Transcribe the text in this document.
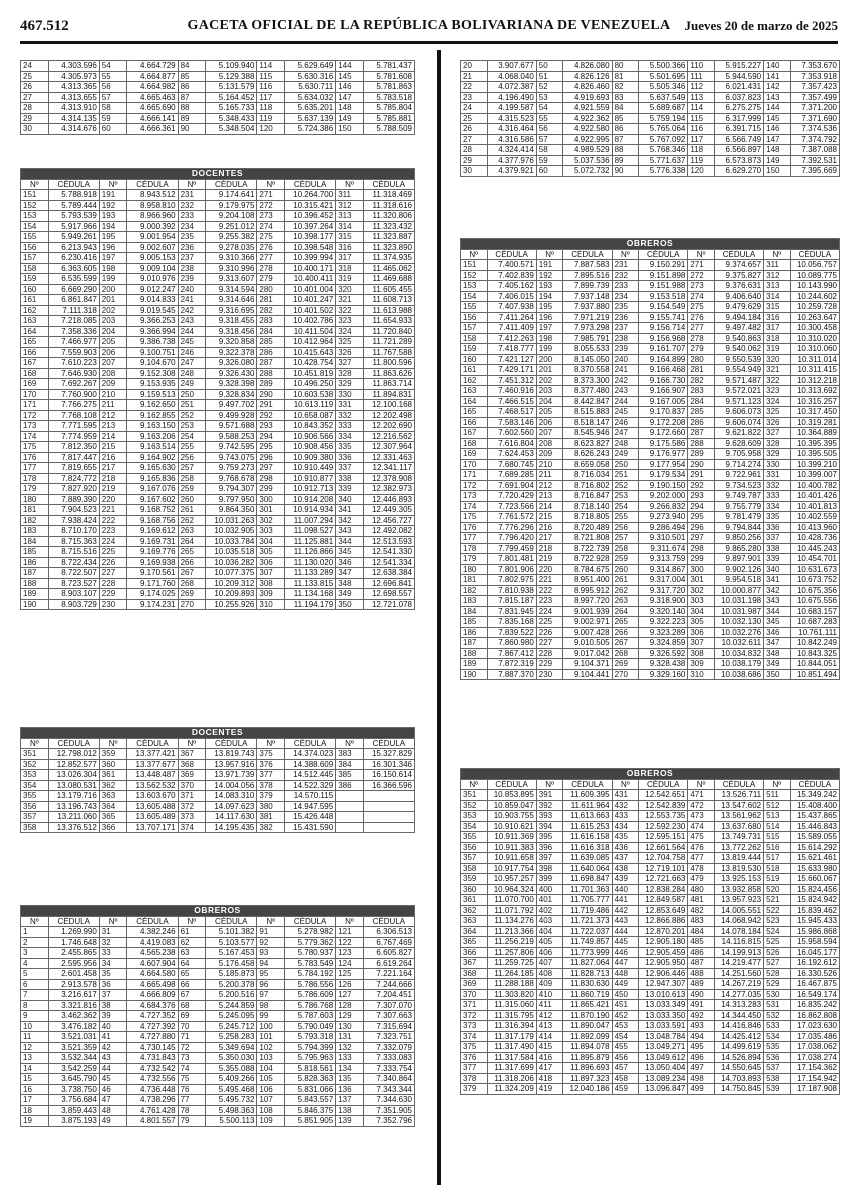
467.512	GACETA OFICIAL DE LA REPÚBLICA BOLIVARIANA DE VENEZUELA	Jueves 20 de marzo de 2025
24	4.303.596	54	4.664.729	84	5.109.940	114	5.629.649	144	5.781.437
25	4.305.973	55	4.664.877	85	5.129.388	115	5.630.316	145	5.781.608
26	4.313.365	56	4.664.982	86	5.131.579	116	5.630.711	146	5.781.863
27	4.313.655	57	4.665.463	87	5.164.452	117	5.634.032	147	5.783.518
28	4.313.910	58	4.665.690	88	5.165.733	118	5.635.201	148	5.785.804
29	4.314.135	59	4.666.141	89	5.348.433	119	5.637.139	149	5.785.881
30	4.314.676	60	4.666.361	90	5.348.504	120	5.724.386	150	5.788.509
DOCENTES									
Nº	CÉDULA	Nº	CÉDULA	Nº	CÉDULA	Nº	CÉDULA	Nº	CÉDULA
151	5.788.918	191	8.943.512	231	9.174.641	271	10.264.700	311	11.318.469
152	5.789.444	192	8.958.810	232	9.179.975	272	10.315.421	312	11.318.616
153	5.793.539	193	8.966.960	233	9.204.108	273	10.396.452	313	11.320.806
154	5.917.966	194	9.000.392	234	9.251.012	274	10.397.264	314	11.323.432
155	5.949.261	195	9.001.954	235	9.255.382	275	10.398.177	315	11.323.887
156	6.213.943	196	9.002.607	236	9.278.035	276	10.398.548	316	11.323.890
157	6.230.416	197	9.005.153	237	9.310.366	277	10.399.994	317	11.374.935
158	6.363.605	198	9.009.104	238	9.310.996	278	10.400.171	318	11.465.062
159	6.535.599	199	9.010.976	239	9.313.607	279	10.400.411	319	11.469.688
160	6.669.290	200	9.012.247	240	9.314.594	280	10.401.004	320	11.605.455
161	6.861.847	201	9.014.833	241	9.314.646	281	10.401.247	321	11.608.713
162	7.111.318	202	9.019.545	242	9.316.695	282	10.401.502	322	11.613.988
163	7.218.085	203	9.366.253	243	9.318.455	283	10.402.786	323	11.654.933
164	7.358.336	204	9.366.994	244	9.318.456	284	10.411.504	324	11.720.840
165	7.466.977	205	9.386.738	245	9.320.858	285	10.412.964	325	11.721.289
166	7.559.903	206	9.100.751	246	9.322.378	286	10.415.643	326	11.767.588
167	7.610.223	207	9.104.670	247	9.326.080	287	10.428.754	327	11.800.596
168	7.646.930	208	9.152.308	248	9.326.430	288	10.451.819	328	11.863.626
169	7.692.267	209	9.153.935	249	9.328.398	289	10.496.250	329	11.863.714
170	7.760.900	210	9.159.513	250	9.328.834	290	10.603.538	330	11.894.831
171	7.766.275	211	9.162.650	251	9.497.702	291	10.613.119	331	12.100.168
172	7.768.108	212	9.162.855	252	9.499.928	292	10.658.087	332	12.202.498
173	7.771.595	213	9.163.150	253	9.571.688	293	10.843.352	333	12.202.690
174	7.774.959	214	9.163.206	254	9.588.253	294	10.906.566	334	12.216.562
175	7.812.350	215	9.163.514	255	9.742.595	295	10.908.456	335	12.307.964
176	7.817.447	216	9.164.902	256	9.743.075	296	10.909.380	336	12.331.463
177	7.819.655	217	9.165.630	257	9.759.273	297	10.910.449	337	12.341.117
178	7.824.772	218	9.165.836	258	9.768.678	298	10.910.877	338	12.378.908
179	7.827.920	219	9.167.076	259	9.794.307	299	10.912.713	339	12.382.973
180	7.889.390	220	9.167.602	260	9.797.950	300	10.914.208	340	12.446.893
181	7.904.523	221	9.168.752	261	9.864.350	301	10.914.934	341	12.449.305
182	7.938.424	222	9.168.756	262	10.031.263	302	11.007.294	342	12.456.727
183	8.710.170	223	9.169.612	263	10.032.905	303	11.098.527	343	12.492.082
184	8.715.363	224	9.169.731	264	10.033.784	304	11.125.881	344	12.513.593
185	8.715.516	225	9.169.776	265	10.035.518	305	11.126.866	345	12.541.330
186	8.722.434	226	9.169.938	266	10.036.282	306	11.130.020	346	12.541.334
187	8.722.507	227	9.170.561	267	10.077.375	307	11.133.289	347	12.638.384
188	8.723.527	228	9.171.760	268	10.209.312	308	11.133.815	348	12.696.841
189	8.903.107	229	9.174.025	269	10.209.893	309	11.134.168	349	12.698.557
190	8.903.729	230	9.174.231	270	10.255.926	310	11.194.179	350	12.721.078
DOCENTES									
Nº	CÉDULA	Nº	CÉDULA	Nº	CÉDULA	Nº	CÉDULA	Nº	CÉDULA
351	12.798.012	359	13.377.421	367	13.819.743	375	14.374.023	383	15.327.829
352	12.852.577	360	13.377.677	368	13.957.916	376	14.388.609	384	16.301.346
353	13.026.304	361	13.448.487	369	13.971.739	377	14.512.445	385	16.150.614
354	13.080.531	362	13.562.532	370	14.004.056	378	14.522.329	386	16.366.596
355	13.179.716	363	13.603.670	371	14.083.310	379	14.570.115		
356	13.196.743	364	13.605.488	372	14.097.623	380	14.947.595		
357	13.211.060	365	13.605.489	373	14.117.630	381	15.426.448		
358	13.376.512	366	13.707.171	374	14.195.435	382	15.431.590		
OBREROS									
Nº	CÉDULA	Nº	CÉDULA	Nº	CÉDULA	Nº	CÉDULA	Nº	CÉDULA
1	1.269.990	31	4.382.246	61	5.101.382	91	5.278.982	121	6.306.513
2	1.746.648	32	4.419.083	62	5.103.577	92	5.779.362	122	6.767.469
3	2.455.865	33	4.565.238	63	5.167.453	93	5.780.937	123	6.605.827
4	2.595.956	34	4.607.904	64	5.176.458	94	5.783.549	124	6.619.264
5	2.601.458	35	4.664.580	65	5.185.873	95	5.784.192	125	7.221.164
6	2.913.578	36	4.665.498	66	5.200.378	96	5.786.556	126	7.244.666
7	3.216.617	37	4.666.809	67	5.200.516	97	5.786.609	127	7.204.451
8	3.321.816	38	4.684.376	68	5.244.859	98	5.786.768	128	7.307.070
9	3.462.362	39	4.727.352	69	5.245.095	99	5.787.603	129	7.307.663
10	3.476.182	40	4.727.392	70	5.245.712	100	5.790.049	130	7.315.694
11	3.521.031	41	4.727.880	71	5.258.283	101	5.793.318	131	7.323.751
12	3.521.359	42	4.730.145	72	5.349.694	102	5.794.399	132	7.332.079
13	3.532.344	43	4.731.843	73	5.350.030	103	5.795.963	133	7.333.083
14	3.542.259	44	4.732.542	74	5.355.088	104	5.818.561	134	7.333.754
15	3.645.790	45	4.732.556	75	5.409.266	105	5.828.363	135	7.340.864
16	3.738.750	46	4.736.448	76	5.495.468	106	5.831.066	136	7.343.344
17	3.756.684	47	4.738.296	77	5.495.732	107	5.843.557	137	7.344.630
18	3.859.443	48	4.761.428	78	5.498.363	108	5.846.375	138	7.351.905
19	3.875.193	49	4.801.557	79	5.500.113	109	5.851.905	139	7.352.796
20	3.907.677	50	4.826.080	80	5.500.366	110	5.915.227	140	7.353.670
21	4.068.040	51	4.826.126	81	5.501.695	111	5.944.590	141	7.353.918
22	4.072.387	52	4.826.460	82	5.505.346	112	6.021.431	142	7.357.423
23	4.196.490	53	4.919.693	83	5.637.549	113	6.037.823	143	7.357.499
24	4.199.587	54	4.921.559	84	5.689.687	114	6.275.275	144	7.371.200
25	4.315.523	55	4.922.362	85	5.759.194	115	6.317.999	145	7.371.690
26	4.316.464	56	4.922.580	86	5.765.064	116	6.391.715	146	7.374.536
27	4.316.586	57	4.922.995	87	5.767.092	117	6.566.749	147	7.374.792
28	4.324.414	58	4.989.529	88	5.768.346	118	6.566.897	148	7.387.088
29	4.377.976	59	5.037.536	89	5.771.637	119	6.573.873	149	7.392.531
30	4.379.921	60	5.072.732	90	5.776.338	120	6.629.270	150	7.395.669
OBREROS									
Nº	CÉDULA	Nº	CÉDULA	Nº	CÉDULA	Nº	CÉDULA	Nº	CÉDULA
151	7.400.571	191	7.887.583	231	9.150.291	271	9.374.657	311	10.056.757
152	7.402.839	192	7.895.516	232	9.151.898	272	9.375.827	312	10.089.775
153	7.405.162	193	7.899.739	233	9.151.988	273	9.376.631	313	10.143.990
154	7.406.015	194	7.937.148	234	9.153.518	274	9.406.640	314	10.244.602
155	7.407.938	195	7.937.880	235	9.154.549	275	9.479.629	315	10.259.728
156	7.411.264	196	7.971.219	236	9.155.741	276	9.494.184	316	10.263.647
157	7.411.409	197	7.973.298	237	9.156.714	277	9.497.482	317	10.300.458
158	7.412.263	198	7.985.791	238	9.156.968	278	9.540.863	318	10.310.020
159	7.418.777	199	8.055.533	239	9.161.707	279	9.540.062	319	10.310.060
160	7.421.127	200	8.145.050	240	9.164.899	280	9.550.539	320	10.311.014
161	7.429.171	201	8.370.558	241	9.166.468	281	9.554.949	321	10.311.415
162	7.451.312	202	8.373.300	242	9.166.730	282	9.571.487	322	10.312.218
163	7.460.916	203	8.377.480	243	9.166.907	283	9.572.021	323	10.313.692
164	7.466.515	204	8.442.847	244	9.167.005	284	9.571.123	324	10.315.257
165	7.468.517	205	8.515.883	245	9.170.837	285	9.606.073	325	10.317.450
166	7.583.146	206	8.518.147	246	9.172.208	286	9.606.074	326	10.319.281
167	7.602.560	207	8.545.946	247	9.172.660	287	9.621.822	327	10.364.889
168	7.616.804	208	8.623.827	248	9.175.586	288	9.628.609	328	10.395.395
169	7.624.453	209	8.626.243	249	9.176.977	289	9.705.958	329	10.395.505
170	7.680.745	210	8.659.058	250	9.177.954	290	9.714.274	330	10.399.210
171	7.689.285	211	8.716.034	251	9.179.534	291	9.722.961	331	10.399.007
172	7.691.904	212	8.716.802	252	9.190.150	292	9.734.523	332	10.400.782
173	7.720.429	213	8.716.847	253	9.202.000	293	9.749.787	333	10.401.426
174	7.723.566	214	8.718.140	254	9.266.832	294	9.755.779	334	10.401.813
175	7.761.572	215	8.718.805	255	9.273.940	295	9.781.479	335	10.402.559
176	7.776.296	216	8.720.489	256	9.286.494	296	9.794.844	336	10.413.960
177	7.796.420	217	8.721.808	257	9.310.501	297	9.850.256	337	10.428.736
178	7.799.459	218	8.722.739	258	9.311.674	298	9.865.280	338	10.445.243
179	7.801.481	219	8.722.928	259	9.313.759	299	9.897.901	339	10.454.701
180	7.801.906	220	8.784.675	260	9.314.867	300	9.902.126	340	10.631.673
181	7.802.975	221	8.951.400	261	9.317.004	301	9.954.518	341	10.673.752
182	7.810.938	222	8.995.912	262	9.317.720	302	10.000.877	342	10.675.356
183	7.815.187	223	8.997.720	263	9.318.900	303	10.031.198	343	10.675.556
184	7.831.945	224	9.001.939	264	9.320.140	304	10.031.987	344	10.683.157
185	7.835.168	225	9.002.971	265	9.322.223	305	10.032.130	345	10.687.283
186	7.839.522	226	9.007.428	266	9.323.289	306	10.032.276	346	10.761.111
187	7.860.980	227	9.010.505	267	9.324.859	307	10.032.611	347	10.842.249
188	7.867.412	228	9.017.042	268	9.326.592	308	10.034.832	348	10.843.325
189	7.872.319	229	9.104.371	269	9.328.438	309	10.038.179	349	10.844.051
190	7.887.370	230	9.104.441	270	9.329.160	310	10.038.686	350	10.851.494
OBREROS									
Nº	CÉDULA	Nº	CÉDULA	Nº	CÉDULA	Nº	CÉDULA	Nº	CÉDULA
351	10.853.895	391	11.609.395	431	12.542.651	471	13.526.711	511	15.349.242
352	10.859.047	392	11.611.964	432	12.542.839	472	13.547.602	512	15.408.400
353	10.903.755	393	11.613.663	433	12.553.735	473	13.561.962	513	15.437.865
354	10.910.621	394	11.615.253	434	12.592.230	474	13.637.680	514	15.446.843
355	10.911.369	395	11.616.158	435	12.595.151	475	13.749.731	515	15.589.055
356	10.911.383	396	11.616.318	436	12.661.564	476	13.772.262	516	15.614.292
357	10.911.658	397	11.639.085	437	12.704.758	477	13.819.444	517	15.621.461
358	10.917.754	398	11.640.064	438	12.719.101	478	13.819.530	518	15.633.980
359	10.957.257	399	11.698.847	439	12.721.663	479	13.925.153	519	15.660.067
360	10.964.324	400	11.701.363	440	12.838.284	480	13.932.858	520	15.824.456
361	11.070.700	401	11.705.777	441	12.849.587	481	13.957.923	521	15.824.942
362	11.071.792	402	11.719.486	442	12.853.649	482	14.005.551	522	15.839.462
363	11.134.276	403	11.721.373	443	12.866.886	483	14.068.942	523	15.945.433
364	11.213.366	404	11.722.037	444	12.870.201	484	14.078.184	524	15.986.868
365	11.256.219	405	11.749.857	445	12.905.180	485	14.116.815	525	15.958.594
366	11.257.806	406	11.773.999	446	12.905.459	486	14.199.913	526	16.045.177
367	11.259.725	407	11.827.064	447	12.905.950	487	14.219.477	527	16.192.612
368	11.264.185	408	11.828.713	448	12.906.446	488	14.251.560	528	16.330.526
369	11.288.188	409	11.830.630	449	12.947.307	489	14.267.219	529	16.467.875
370	11.303.820	410	11.860.719	450	13.010.613	490	14.277.035	530	16.549.174
371	11.315.060	411	11.865.421	451	13.033.349	491	14.313.283	531	16.835.242
372	11.315.795	412	11.870.190	452	13.033.350	492	14.344.450	532	16.862.808
373	11.316.394	413	11.890.047	453	13.033.591	493	14.416.846	533	17.023.630
374	11.317.179	414	11.892.099	454	13.048.784	494	14.425.412	534	17.035.486
375	11.317.490	415	11.894.078	455	13.049.271	495	14.499.619	535	17.038.062
376	11.317.584	416	11.895.879	456	13.049.612	496	14.526.894	536	17.038.274
377	11.317.699	417	11.896.693	457	13.050.404	497	14.550.645	537	17.154.362
378	11.318.206	418	11.897.323	458	13.089.234	498	14.703.893	538	17.154.942
379	11.324.209	419	12.040.186	459	13.096.847	499	14.750.845	539	17.187.908
